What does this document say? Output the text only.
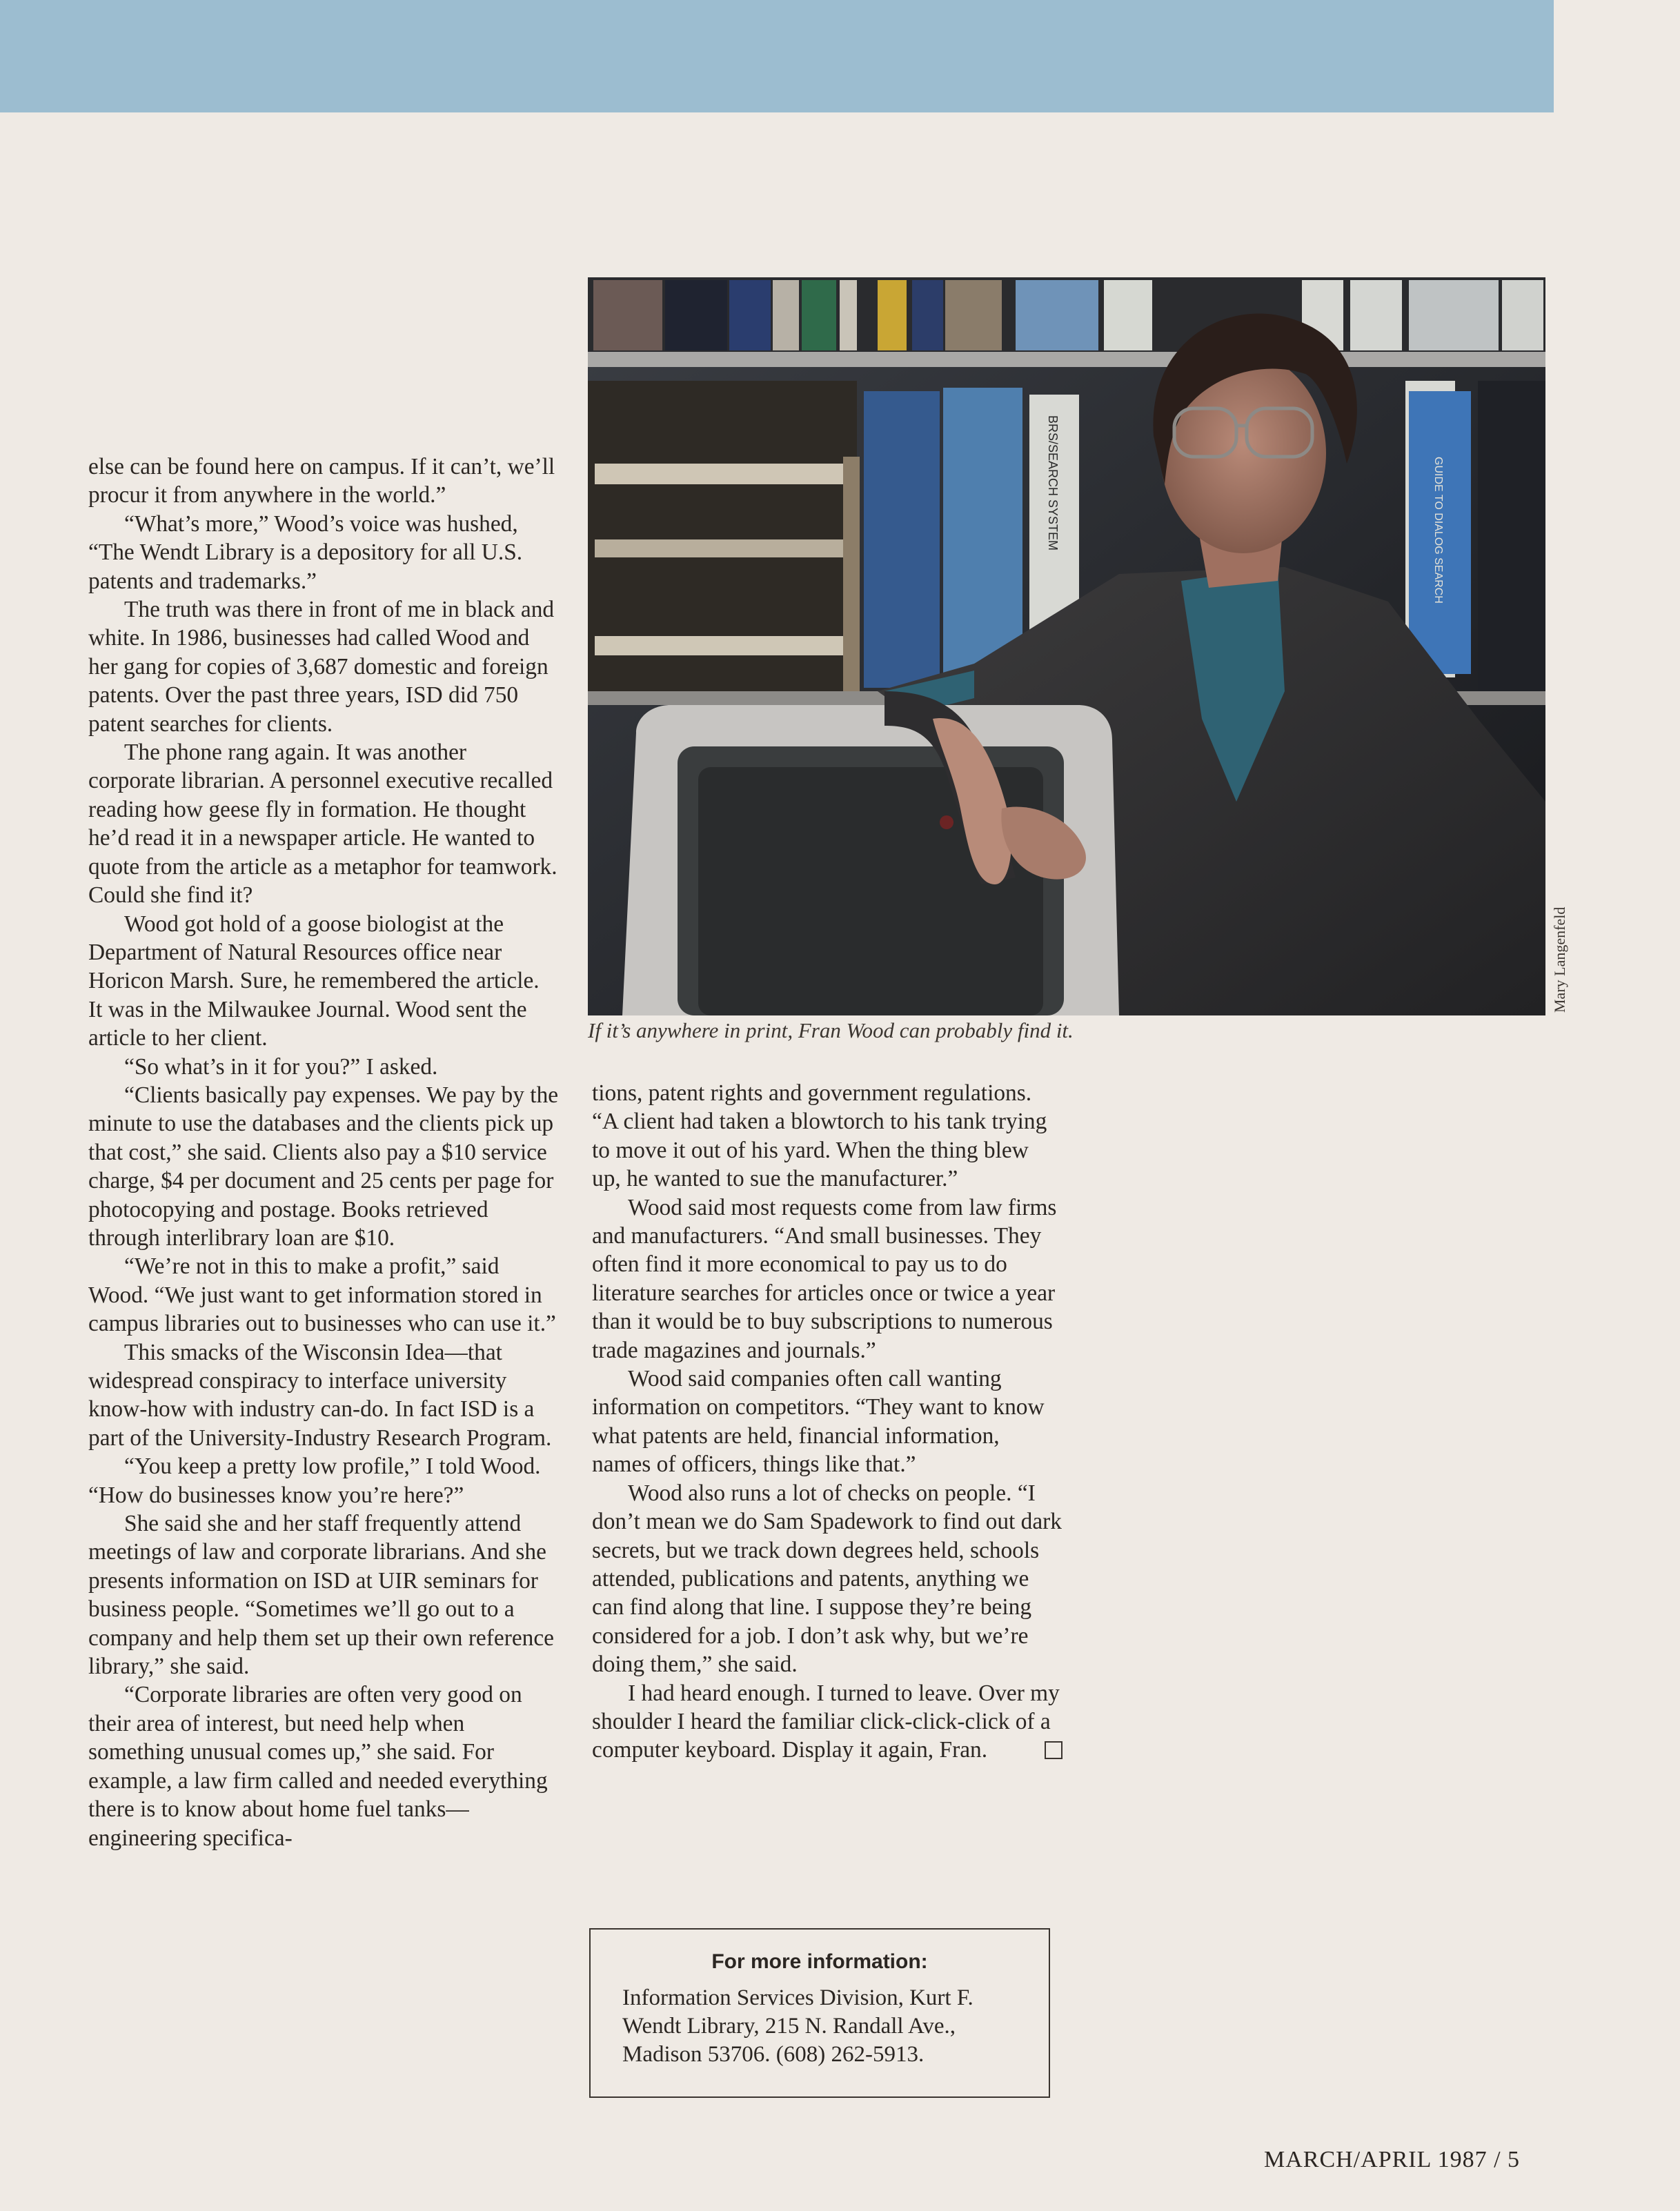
else can be found here on campus. If it can’t, we’ll procur it from anywhere in the world.”

“What’s more,” Wood’s voice was hushed, “The Wendt Library is a depository for all U.S. patents and trademarks.”

The truth was there in front of me in black and white. In 1986, businesses had called Wood and her gang for copies of 3,687 domestic and foreign patents. Over the past three years, ISD did 750 patent searches for clients.

The phone rang again. It was another corporate librarian. A personnel executive recalled reading how geese fly in formation. He thought he’d read it in a newspaper article. He wanted to quote from the article as a metaphor for teamwork. Could she find it?

Wood got hold of a goose biologist at the Department of Natural Resources office near Horicon Marsh. Sure, he remembered the article. It was in the Milwaukee Journal. Wood sent the article to her client.

“So what’s in it for you?” I asked.

“Clients basically pay expenses. We pay by the minute to use the databases and the clients pick up that cost,” she said. Clients also pay a $10 service charge, $4 per document and 25 cents per page for photocopying and postage. Books retrieved through interlibrary loan are $10.

“We’re not in this to make a profit,” said Wood. “We just want to get information stored in campus libraries out to businesses who can use it.”

This smacks of the Wisconsin Idea—that widespread conspiracy to interface university know-how with industry can-do. In fact ISD is a part of the University-Industry Research Program.

“You keep a pretty low profile,” I told Wood. “How do businesses know you’re here?”

She said she and her staff frequently attend meetings of law and corporate librarians. And she presents information on ISD at UIR seminars for business people. “Sometimes we’ll go out to a company and help them set up their own reference library,” she said.

“Corporate libraries are often very good on their area of interest, but need help when something unusual comes up,” she said. For example, a law firm called and needed everything there is to know about home fuel tanks—engineering specifica-

BRS/SEARCH SYSTEM	GUIDE TO DIALOG SEARCH
Mary Langenfeld
If it’s anywhere in print, Fran Wood can probably find it.

tions, patent rights and government regulations. “A client had taken a blowtorch to his tank trying to move it out of his yard. When the thing blew up, he wanted to sue the manufacturer.”

Wood said most requests come from law firms and manufacturers. “And small businesses. They often find it more economical to pay us to do literature searches for articles once or twice a year than it would be to buy subscriptions to numerous trade magazines and journals.”

Wood said companies often call wanting information on competitors. “They want to know what patents are held, financial information, names of officers, things like that.”

Wood also runs a lot of checks on people. “I don’t mean we do Sam Spadework to find out dark secrets, but we track down degrees held, schools attended, publications and patents, anything we can find along that line. I suppose they’re being considered for a job. I don’t ask why, but we’re doing them,” she said.

I had heard enough. I turned to leave. Over my shoulder I heard the familiar click-click-click of a computer keyboard. Display it again, Fran.

For more information:
Information Services Division, Kurt F.
Wendt Library, 215 N. Randall Ave.,
Madison 53706. (608) 262-5913.
MARCH/APRIL 1987 / 5
